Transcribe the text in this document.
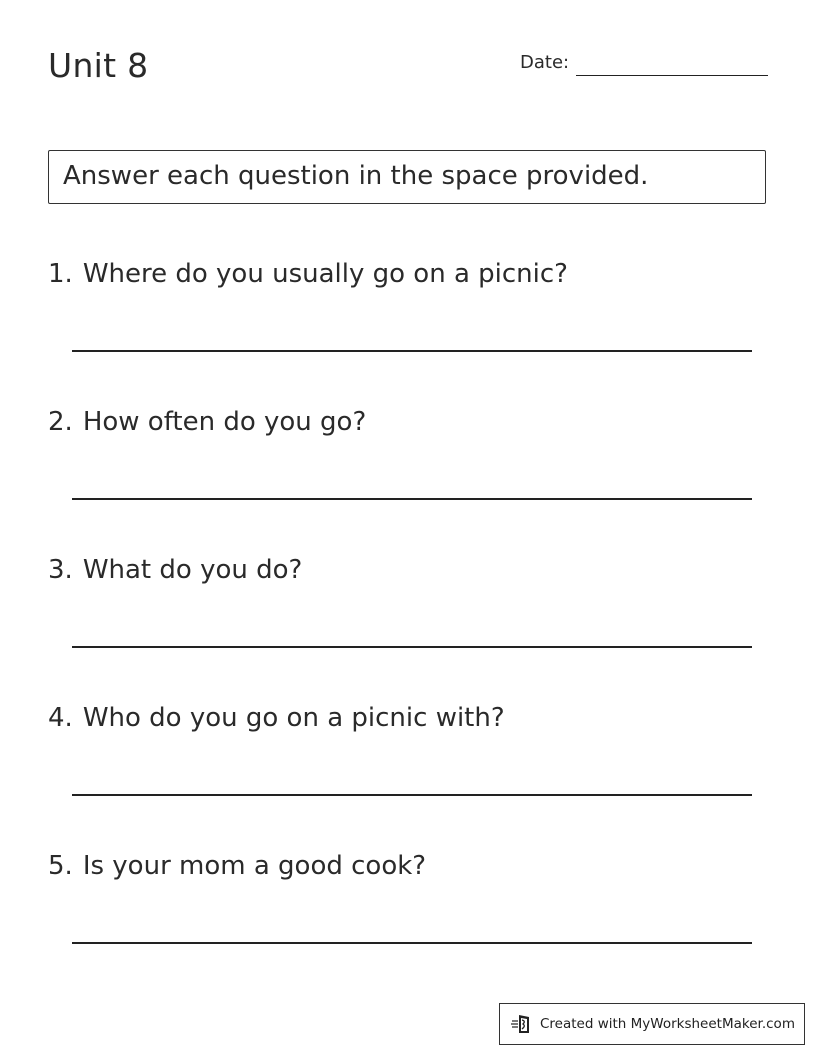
Unit 8	Date:
Answer each question in the space provided.
1. Where do you usually go on a picnic?
2. How often do you go?
3. What do you do?
4. Who do you go on a picnic with?
5. Is your mom a good cook?
Created with MyWorksheetMaker.com
